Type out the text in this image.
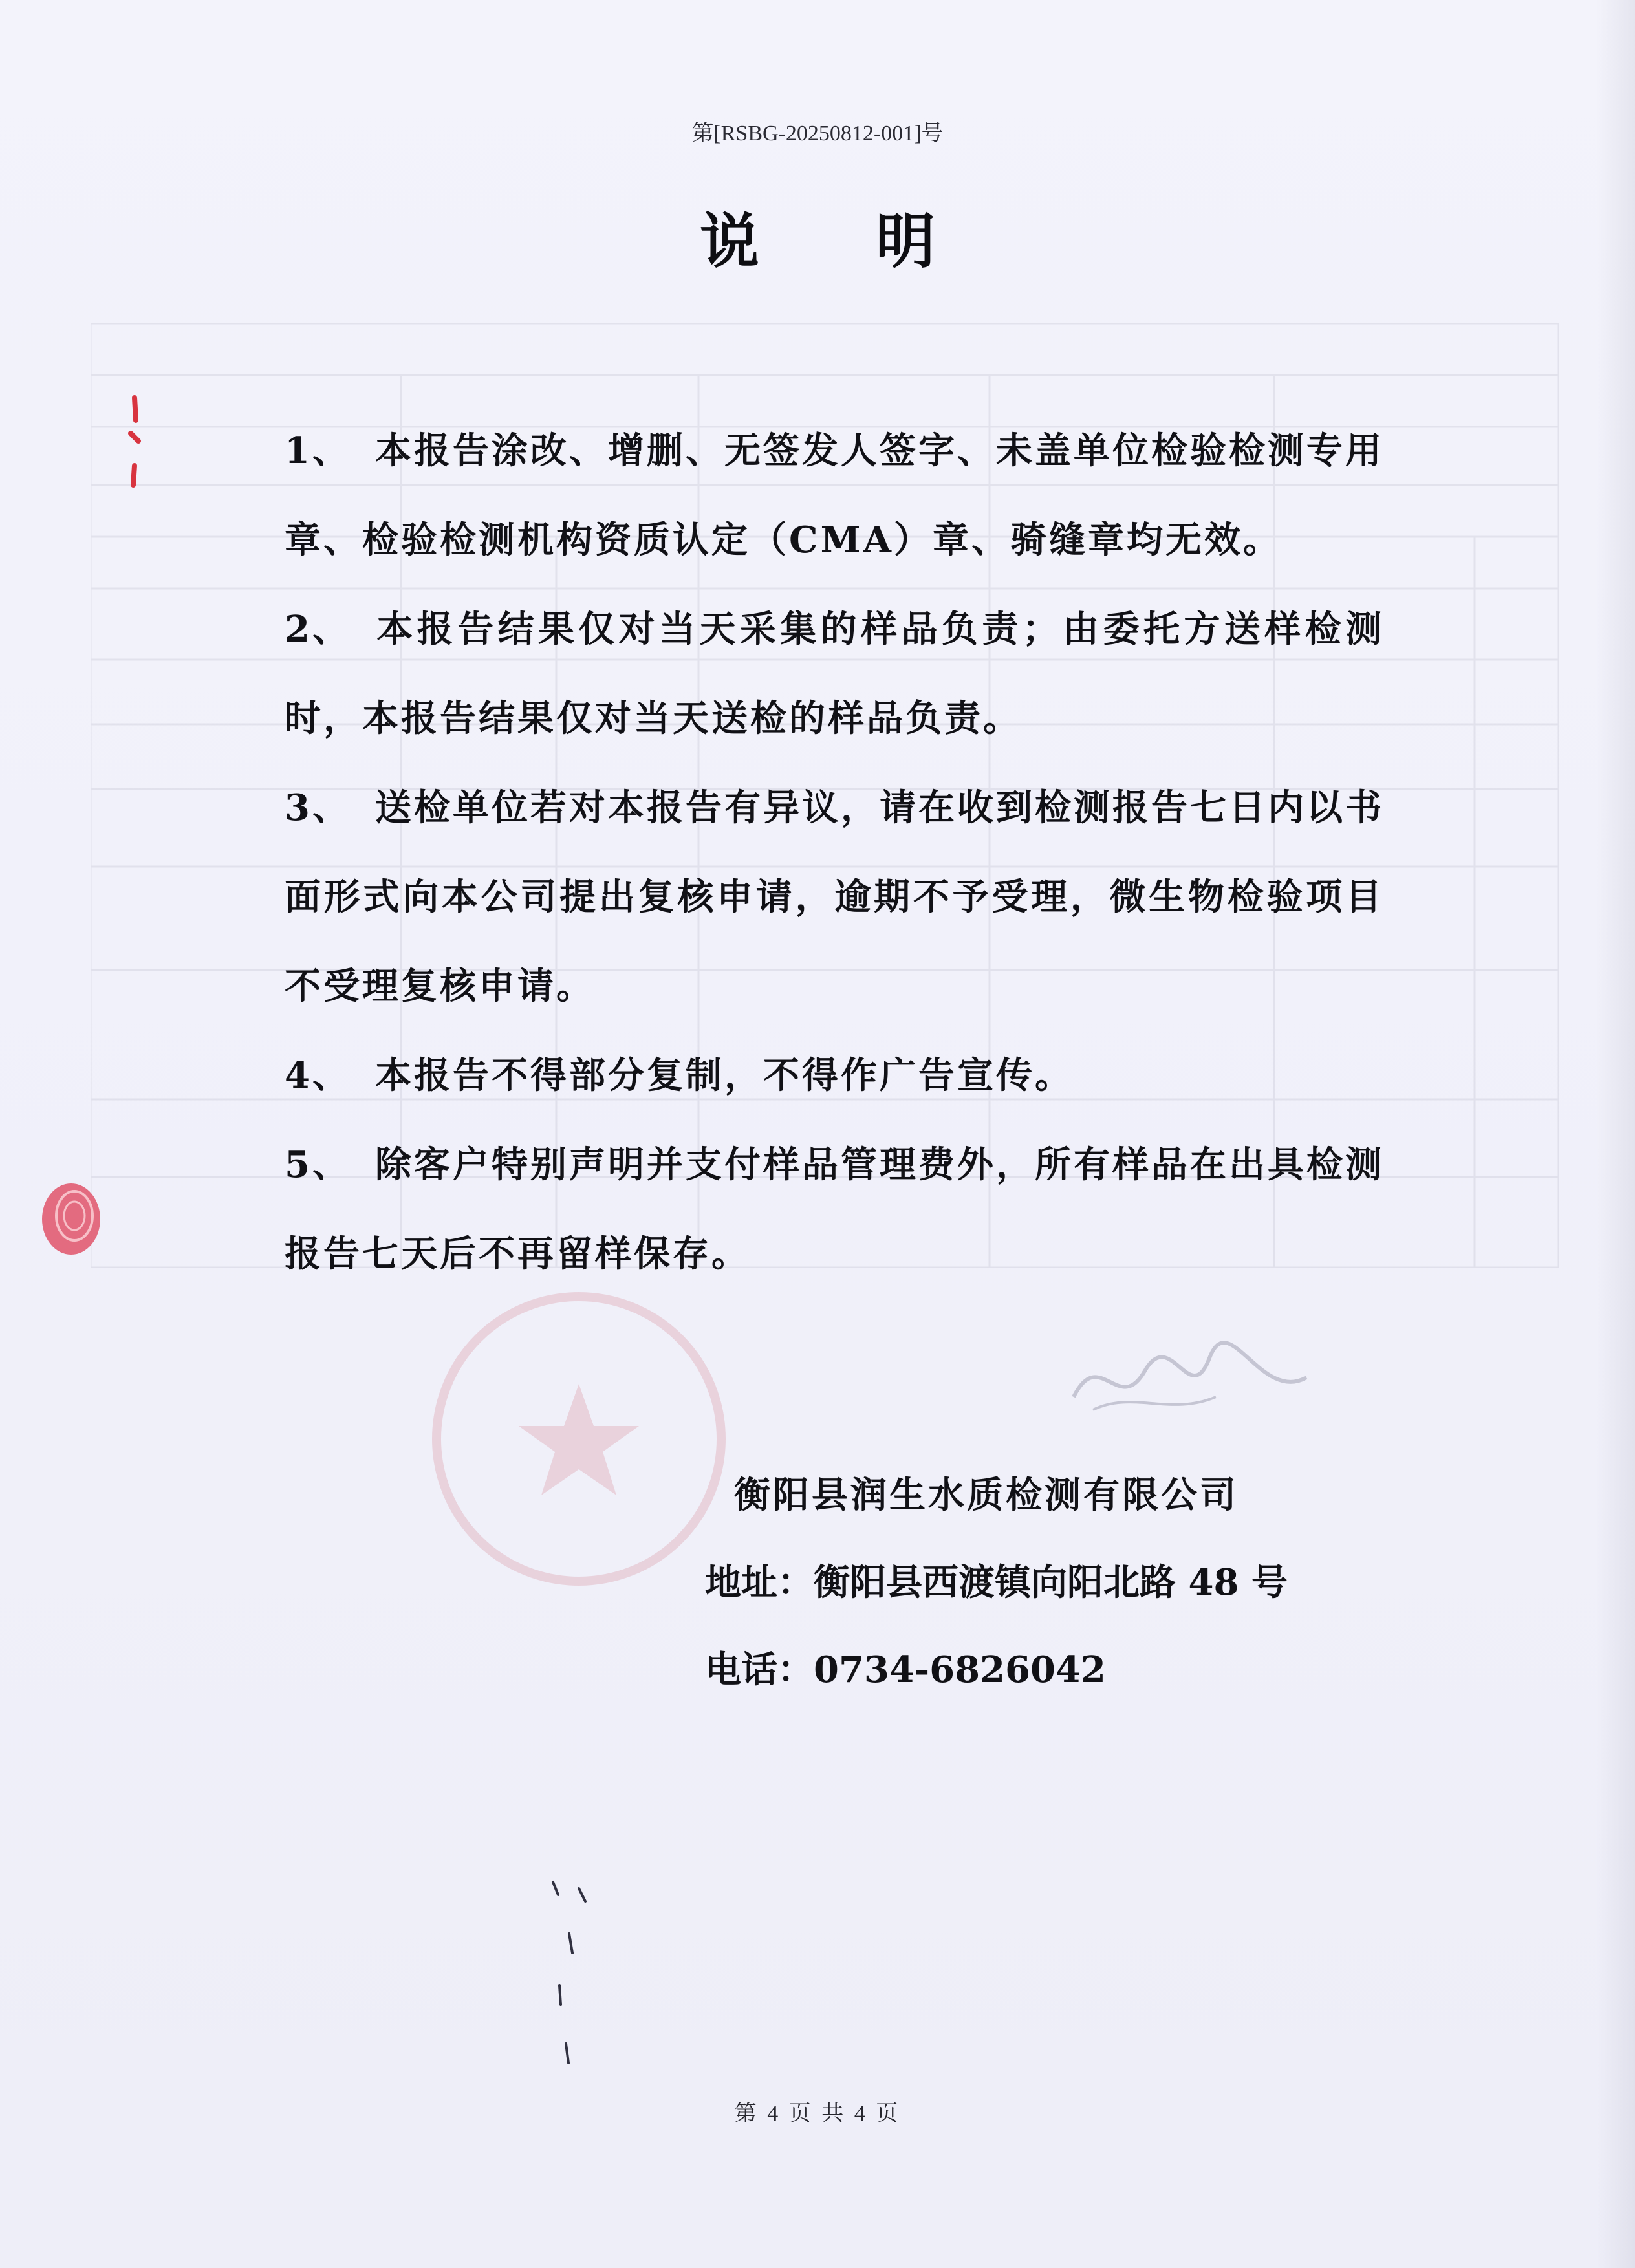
第[RSBG-20250812-001]号
说明
1、 本报告涂改、增删、无签发人签字、未盖单位检验检测专用章、检验检测机构资质认定（CMA）章、骑缝章均无效。
2、 本报告结果仅对当天采集的样品负责；由委托方送样检测时，本报告结果仅对当天送检的样品负责。
3、 送检单位若对本报告有异议，请在收到检测报告七日内以书面形式向本公司提出复核申请，逾期不予受理，微生物检验项目不受理复核申请。
4、 本报告不得部分复制，不得作广告宣传。
5、 除客户特别声明并支付样品管理费外，所有样品在出具检测报告七天后不再留样保存。
衡阳县润生水质检测有限公司
地址：衡阳县西渡镇向阳北路 48 号
电话：0734-6826042
第 4 页 共 4 页
